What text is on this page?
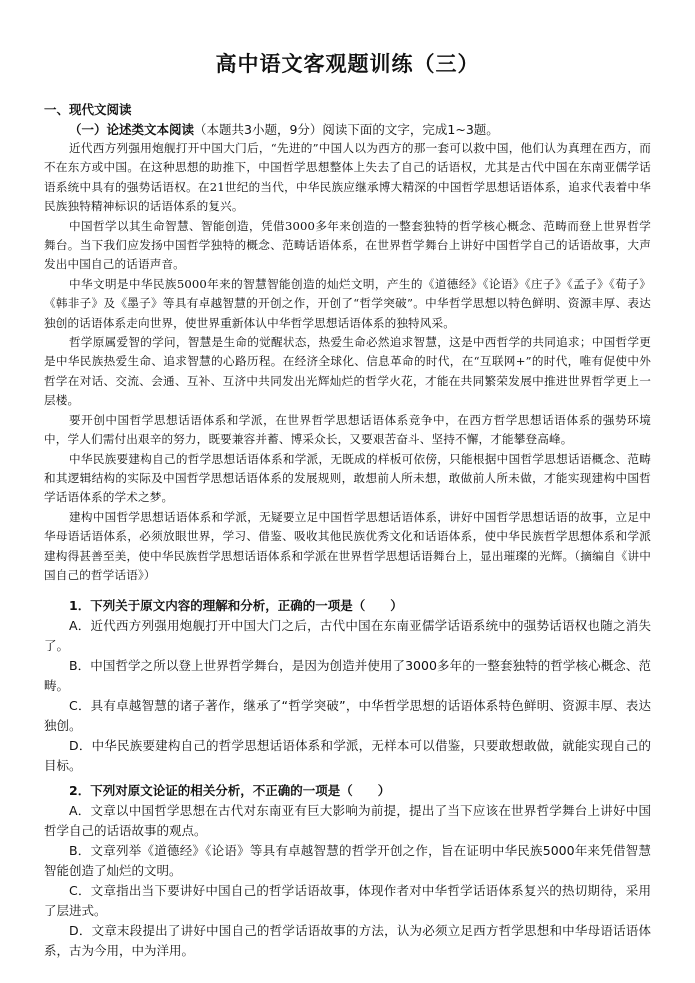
高中语文客观题训练（三）
一、现代文阅读
（一）论述类文本阅读（本题共3小题，9分）阅读下面的文字，完成1~3题。

近代西方列强用炮舰打开中国大门后，“先进的”中国人以为西方的那一套可以救中国，他们认为真理在西方，而不在东方或中国。在这种思想的助推下，中国哲学思想整体上失去了自己的话语权，尤其是古代中国在东南亚儒学话语系统中具有的强势话语权。在21世纪的当代，中华民族应继承博大精深的中国哲学思想话语体系，追求代表着中华民族独特精神标识的话语体系的复兴。

中国哲学以其生命智慧、智能创造，凭借3000多年来创造的一整套独特的哲学核心概念、范畴而登上世界哲学舞台。当下我们应发扬中国哲学独特的概念、范畴话语体系，在世界哲学舞台上讲好中国哲学自己的话语故事，大声发出中国自己的话语声音。

中华文明是中华民族5000年来的智慧智能创造的灿烂文明，产生的《道德经》《论语》《庄子》《孟子》《荀子》《韩非子》及《墨子》等具有卓越智慧的开创之作，开创了“哲学突破”。中华哲学思想以特色鲜明、资源丰厚、表达独创的话语体系走向世界，使世界重新体认中华哲学思想话语体系的独特风采。

哲学原属爱智的学问，智慧是生命的觉醒状态，热爱生命必然追求智慧，这是中西哲学的共同追求；中国哲学更是中华民族热爱生命、追求智慧的心路历程。在经济全球化、信息革命的时代，在“互联网+”的时代，唯有促使中外哲学在对话、交流、会通、互补、互济中共同发出光辉灿烂的哲学火花，才能在共同繁荣发展中推进世界哲学更上一层楼。

要开创中国哲学思想话语体系和学派，在世界哲学思想话语体系竞争中，在西方哲学思想话语体系的强势环境中，学人们需付出艰辛的努力，既要兼容并蓄、博采众长，又要艰苦奋斗、坚持不懈，才能攀登高峰。

中华民族要建构自己的哲学思想话语体系和学派，无既成的样板可依傍，只能根据中国哲学思想话语概念、范畴和其逻辑结构的实际及中国哲学思想话语体系的发展规则，敢想前人所未想，敢做前人所未做，才能实现建构中国哲学话语体系的学术之梦。

建构中国哲学思想话语体系和学派，无疑要立足中国哲学思想话语体系，讲好中国哲学思想话语的故事，立足中华母语话语体系，必须放眼世界，学习、借鉴、吸收其他民族优秀文化和话语体系，使中华民族哲学思想体系和学派建构得甚善至美，使中华民族哲学思想话语体系和学派在世界哲学思想话语舞台上，显出璀璨的光辉。（摘编自《讲中国自己的哲学话语》）

1．下列关于原文内容的理解和分析，正确的一项是（　　）

A．近代西方列强用炮舰打开中国大门之后，古代中国在东南亚儒学话语系统中的强势话语权也随之消失了。

B．中国哲学之所以登上世界哲学舞台，是因为创造并使用了3000多年的一整套独特的哲学核心概念、范畴。

C．具有卓越智慧的诸子著作，继承了“哲学突破”，中华哲学思想的话语体系特色鲜明、资源丰厚、表达独创。

D．中华民族要建构自己的哲学思想话语体系和学派，无样本可以借鉴，只要敢想敢做，就能实现自己的目标。

2．下列对原文论证的相关分析，不正确的一项是（　　）

A．文章以中国哲学思想在古代对东南亚有巨大影响为前提，提出了当下应该在世界哲学舞台上讲好中国哲学自己的话语故事的观点。

B．文章列举《道德经》《论语》等具有卓越智慧的哲学开创之作，旨在证明中华民族5000年来凭借智慧智能创造了灿烂的文明。

C．文章指出当下要讲好中国自己的哲学话语故事，体现作者对中华哲学话语体系复兴的热切期待，采用了层进式。

D．文章末段提出了讲好中国自己的哲学话语故事的方法，认为必须立足西方哲学思想和中华母语话语体系，古为今用，中为洋用。
